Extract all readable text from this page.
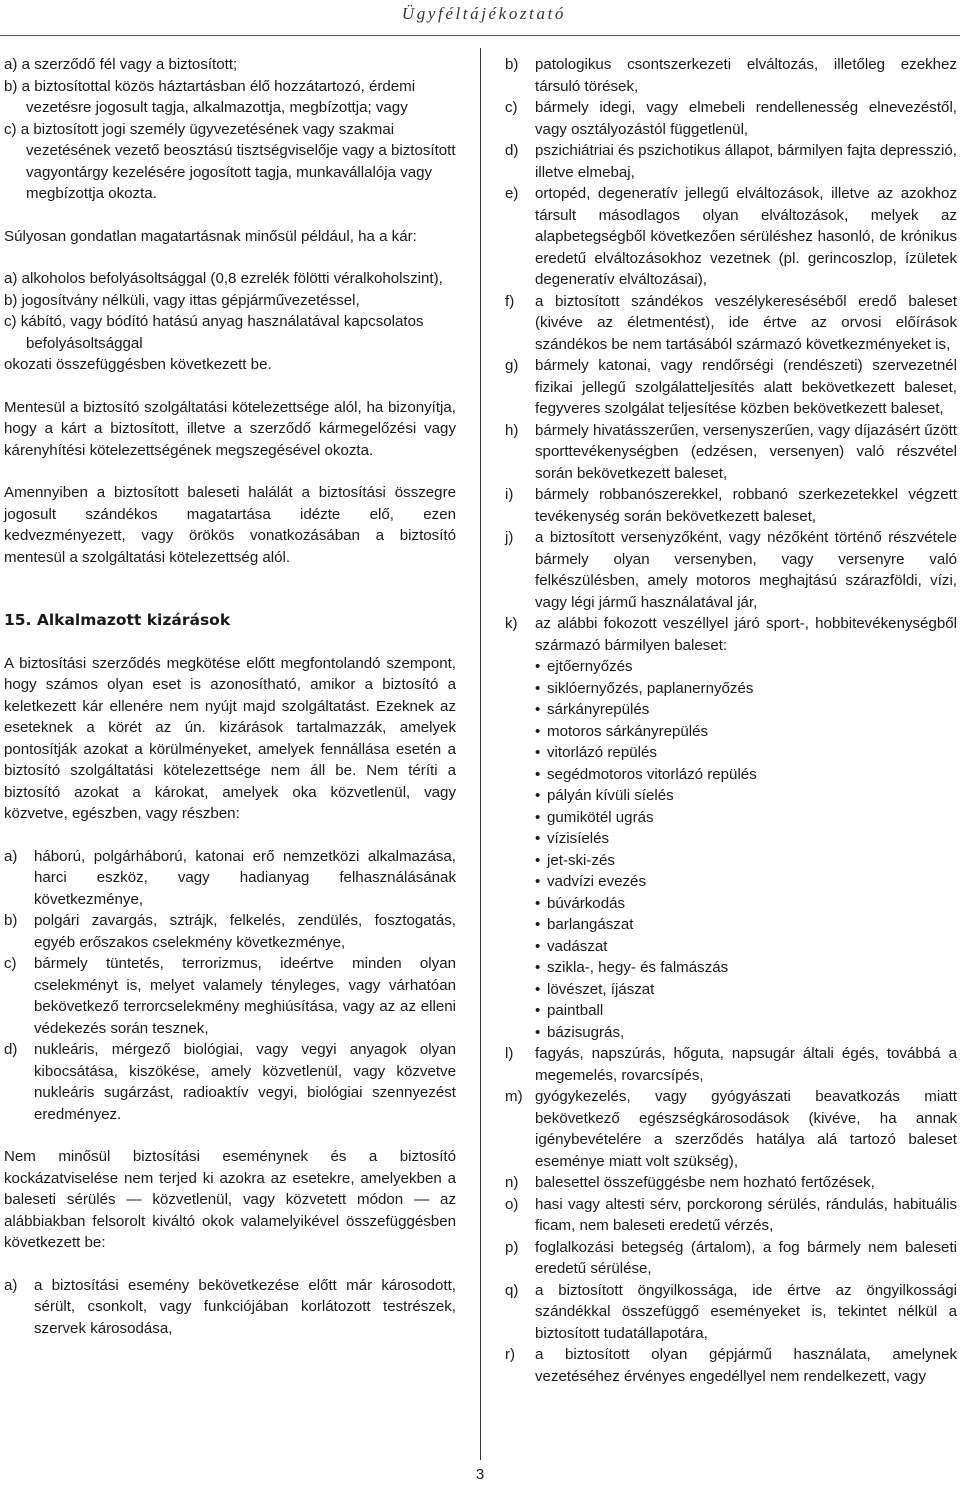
Ügyféltájékoztató
a) a szerződő fél vagy a biztosított;
b) a biztosítottal közös háztartásban élő hozzátartozó, érdemi vezetésre jogosult tagja, alkalmazottja, megbízottja; vagy
c) a biztosított jogi személy ügyvezetésének vagy szakmai vezetésének vezető beosztású tisztségviselője vagy a biztosított vagyontárgy kezelésére jogosított tagja, munkavállalója vagy megbízottja okozta.

Súlyosan gondatlan magatartásnak minősül például, ha a kár:

a) alkoholos befolyásoltsággal (0,8 ezrelék fölötti véralkoholszint),
b) jogosítvány nélküli, vagy ittas gépjárművezetéssel,
c) kábító, vagy bódító hatású anyag használatával kapcsolatos befolyásoltsággal

okozati összefüggésben következett be.

Mentesül a biztosító szolgáltatási kötelezettsége alól, ha bizonyítja, hogy a kárt a biztosított, illetve a szerződő kármegelőzési vagy kárenyhítési kötelezettségének megszegésével okozta.

Amennyiben a biztosított baleseti halálát a biztosítási összegre jogosult szándékos magatartása idézte elő, ezen kedvezményezett, vagy örökös vonatkozásában a biztosító mentesül a szolgáltatási kötelezettség alól.

15. Alkalmazott kizárások

A biztosítási szerződés megkötése előtt megfontolandó szempont, hogy számos olyan eset is azonosítható, amikor a biztosító a keletkezett kár ellenére nem nyújt majd szolgáltatást. Ezeknek az eseteknek a körét az ún. kizárások tartalmazzák, amelyek pontosítják azokat a körülményeket, amelyek fennállása esetén a biztosító szolgáltatási kötelezettsége nem áll be. Nem téríti a biztosító azokat a károkat, amelyek oka közvetlenül, vagy közvetve, egészben, vagy részben:

a)	háború, polgárháború, katonai erő nemzetközi alkalmazása, harci eszköz, vagy hadianyag felhasználásának következménye,
b)	polgári zavargás, sztrájk, felkelés, zendülés, fosztogatás, egyéb erőszakos cselekmény következménye,
c)	bármely tüntetés, terrorizmus, ideértve minden olyan cselekményt is, melyet valamely tényleges, vagy várhatóan bekövetkező terrorcselekmény meghiúsítása, vagy az az elleni védekezés során tesznek,
d)	nukleáris, mérgező biológiai, vagy vegyi anyagok olyan kibocsátása, kiszökése, amely közvetlenül, vagy közvetve nukleáris sugárzást, radioaktív vegyi, biológiai szennyezést eredményez.

Nem minősül biztosítási eseménynek és a biztosító kockázatviselése nem terjed ki azokra az esetekre, amelyekben a baleseti sérülés — közvetlenül, vagy közvetett módon — az alábbiakban felsorolt kiváltó okok valamelyikével összefüggésben következett be:

a)	a biztosítási esemény bekövetkezése előtt már károsodott, sérült, csonkolt, vagy funkciójában korlátozott testrészek, szervek károsodása,
b)	patologikus csontszerkezeti elváltozás, illetőleg ezekhez társuló törések,
c)	bármely idegi, vagy elmebeli rendellenesség elnevezéstől, vagy osztályozástól függetlenül,
d)	pszichiátriai és pszichotikus állapot, bármilyen fajta depresszió, illetve elmebaj,
e)	ortopéd, degeneratív jellegű elváltozások, illetve az azokhoz társult másodlagos olyan elváltozások, melyek az alapbetegségből következően sérüléshez hasonló, de krónikus eredetű elváltozásokhoz vezetnek (pl. gerincoszlop, ízületek degeneratív elváltozásai),
f)	a biztosított szándékos veszélykereséséből eredő baleset (kivéve az életmentést), ide értve az orvosi előírások szándékos be nem tartásából származó következményeket is,
g)	bármely katonai, vagy rendőrségi (rendészeti) szervezetnél fizikai jellegű szolgálatteljesítés alatt bekövetkezett baleset, fegyveres szolgálat teljesítése közben bekövetkezett baleset,
h)	bármely hivatásszerűen, versenyszerűen, vagy díjazásért űzött sporttevékenységben (edzésen, versenyen) való részvétel során bekövetkezett baleset,
i)	bármely robbanószerekkel, robbanó szerkezetekkel végzett tevékenység során bekövetkezett baleset,
j)	a biztosított versenyzőként, vagy nézőként történő részvétele bármely olyan versenyben, vagy versenyre való felkészülésben, amely motoros meghajtású szárazföldi, vízi, vagy légi jármű használatával jár,
k)	az alábbi fokozott veszéllyel járó sport-, hobbitevékenységből származó bármilyen baleset:
• ejtőernyőzés
• siklóernyőzés, paplanernyőzés
• sárkányrepülés
• motoros sárkányrepülés
• vitorlázó repülés
• segédmotoros vitorlázó repülés
• pályán kívüli síelés
• gumikötél ugrás
• vízisíelés
• jet-ski-zés
• vadvízi evezés
• búvárkodás
• barlangászat
• vadászat
• szikla-, hegy- és falmászás
• lövészet, íjászat
• paintball
• bázisugrás,
l)	fagyás, napszúrás, hőguta, napsugár általi égés, továbbá a megemelés, rovarcsípés,
m) gyógykezelés, vagy gyógyászati beavatkozás miatt bekövetkező egészségkárosodások (kivéve, ha annak igénybevételére a szerződés hatálya alá tartozó baleset eseménye miatt volt szükség),
n)	balesettel összefüggésbe nem hozható fertőzések,
o)	hasi vagy altesti sérv, porckorong sérülés, rándulás, habituális ficam, nem baleseti eredetű vérzés,
p)	foglalkozási betegség (ártalom), a fog bármely nem baleseti eredetű sérülése,
q)	a biztosított öngyilkossága, ide értve az öngyilkossági szándékkal összefüggő eseményeket is, tekintet nélkül a biztosított tudatállapotára,
r)	a biztosított olyan gépjármű használata, amelynek vezetéséhez érvényes engedéllyel nem rendelkezett, vagy
3
